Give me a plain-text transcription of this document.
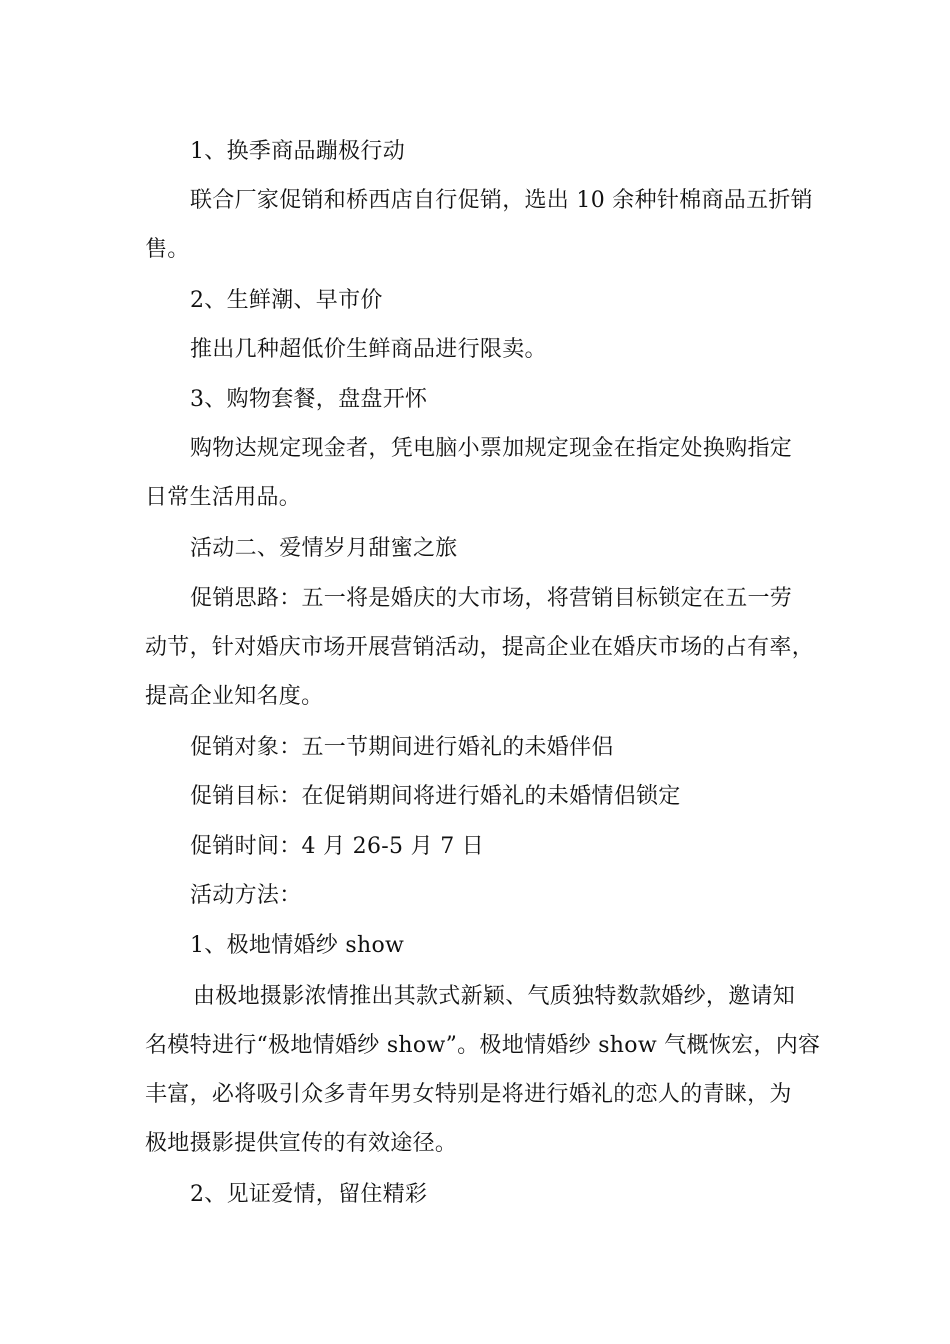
1、换季商品蹦极行动
联合厂家促销和桥西店自行促销，选出 10 余种针棉商品五折销
售。
2、生鲜潮、早市价
推出几种超低价生鲜商品进行限卖。
3、购物套餐，盘盘开怀
购物达规定现金者，凭电脑小票加规定现金在指定处换购指定
日常生活用品。
活动二、爱情岁月甜蜜之旅
促销思路：五一将是婚庆的大市场，将营销目标锁定在五一劳
动节，针对婚庆市场开展营销活动，提高企业在婚庆市场的占有率，
提高企业知名度。
促销对象：五一节期间进行婚礼的未婚伴侣
促销目标：在促销期间将进行婚礼的未婚情侣锁定
促销时间：4 月 26-5 月 7 日
活动方法：
1、极地情婚纱 show
由极地摄影浓情推出其款式新颖、气质独特数款婚纱，邀请知
名模特进行“极地情婚纱 show”。极地情婚纱 show 气概恢宏，内容
丰富，必将吸引众多青年男女特别是将进行婚礼的恋人的青睐，为
极地摄影提供宣传的有效途径。
2、见证爱情，留住精彩
